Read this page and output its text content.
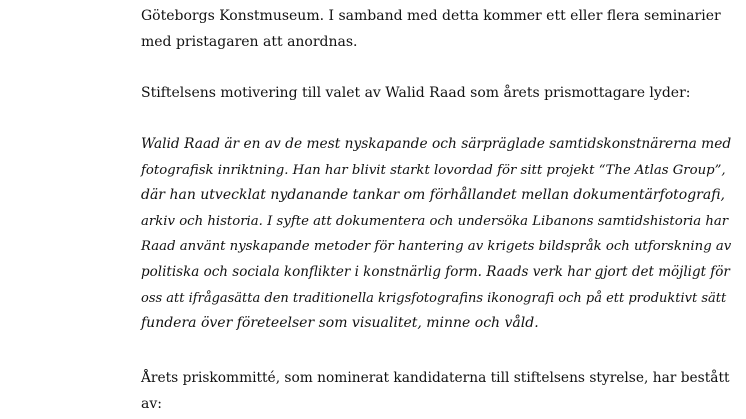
Göteborgs Konstmuseum. I samband med detta kommer ett eller flera seminarier
med pristagaren att anordnas.

Stiftelsens motivering till valet av Walid Raad som årets prismottagare lyder:

Walid Raad är en av de mest nyskapande och särpräglade samtidskonstnärerna med
fotografisk inriktning. Han har blivit starkt lovordad för sitt projekt “The Atlas Group”,
där han utvecklat nydanande tankar om förhållandet mellan dokumentärfotografi,
arkiv och historia. I syfte att dokumentera och undersöka Libanons samtidshistoria har
Raad använt nyskapande metoder för hantering av krigets bildspråk och utforskning av
politiska och sociala konflikter i konstnärlig form. Raads verk har gjort det möjligt för
oss att ifrågasätta den traditionella krigsfotografins ikonografi och på ett produktivt sätt
fundera över företeelser som visualitet, minne och våld.

Årets priskommitté, som nominerat kandidaterna till stiftelsens styrelse, har bestått
av:
